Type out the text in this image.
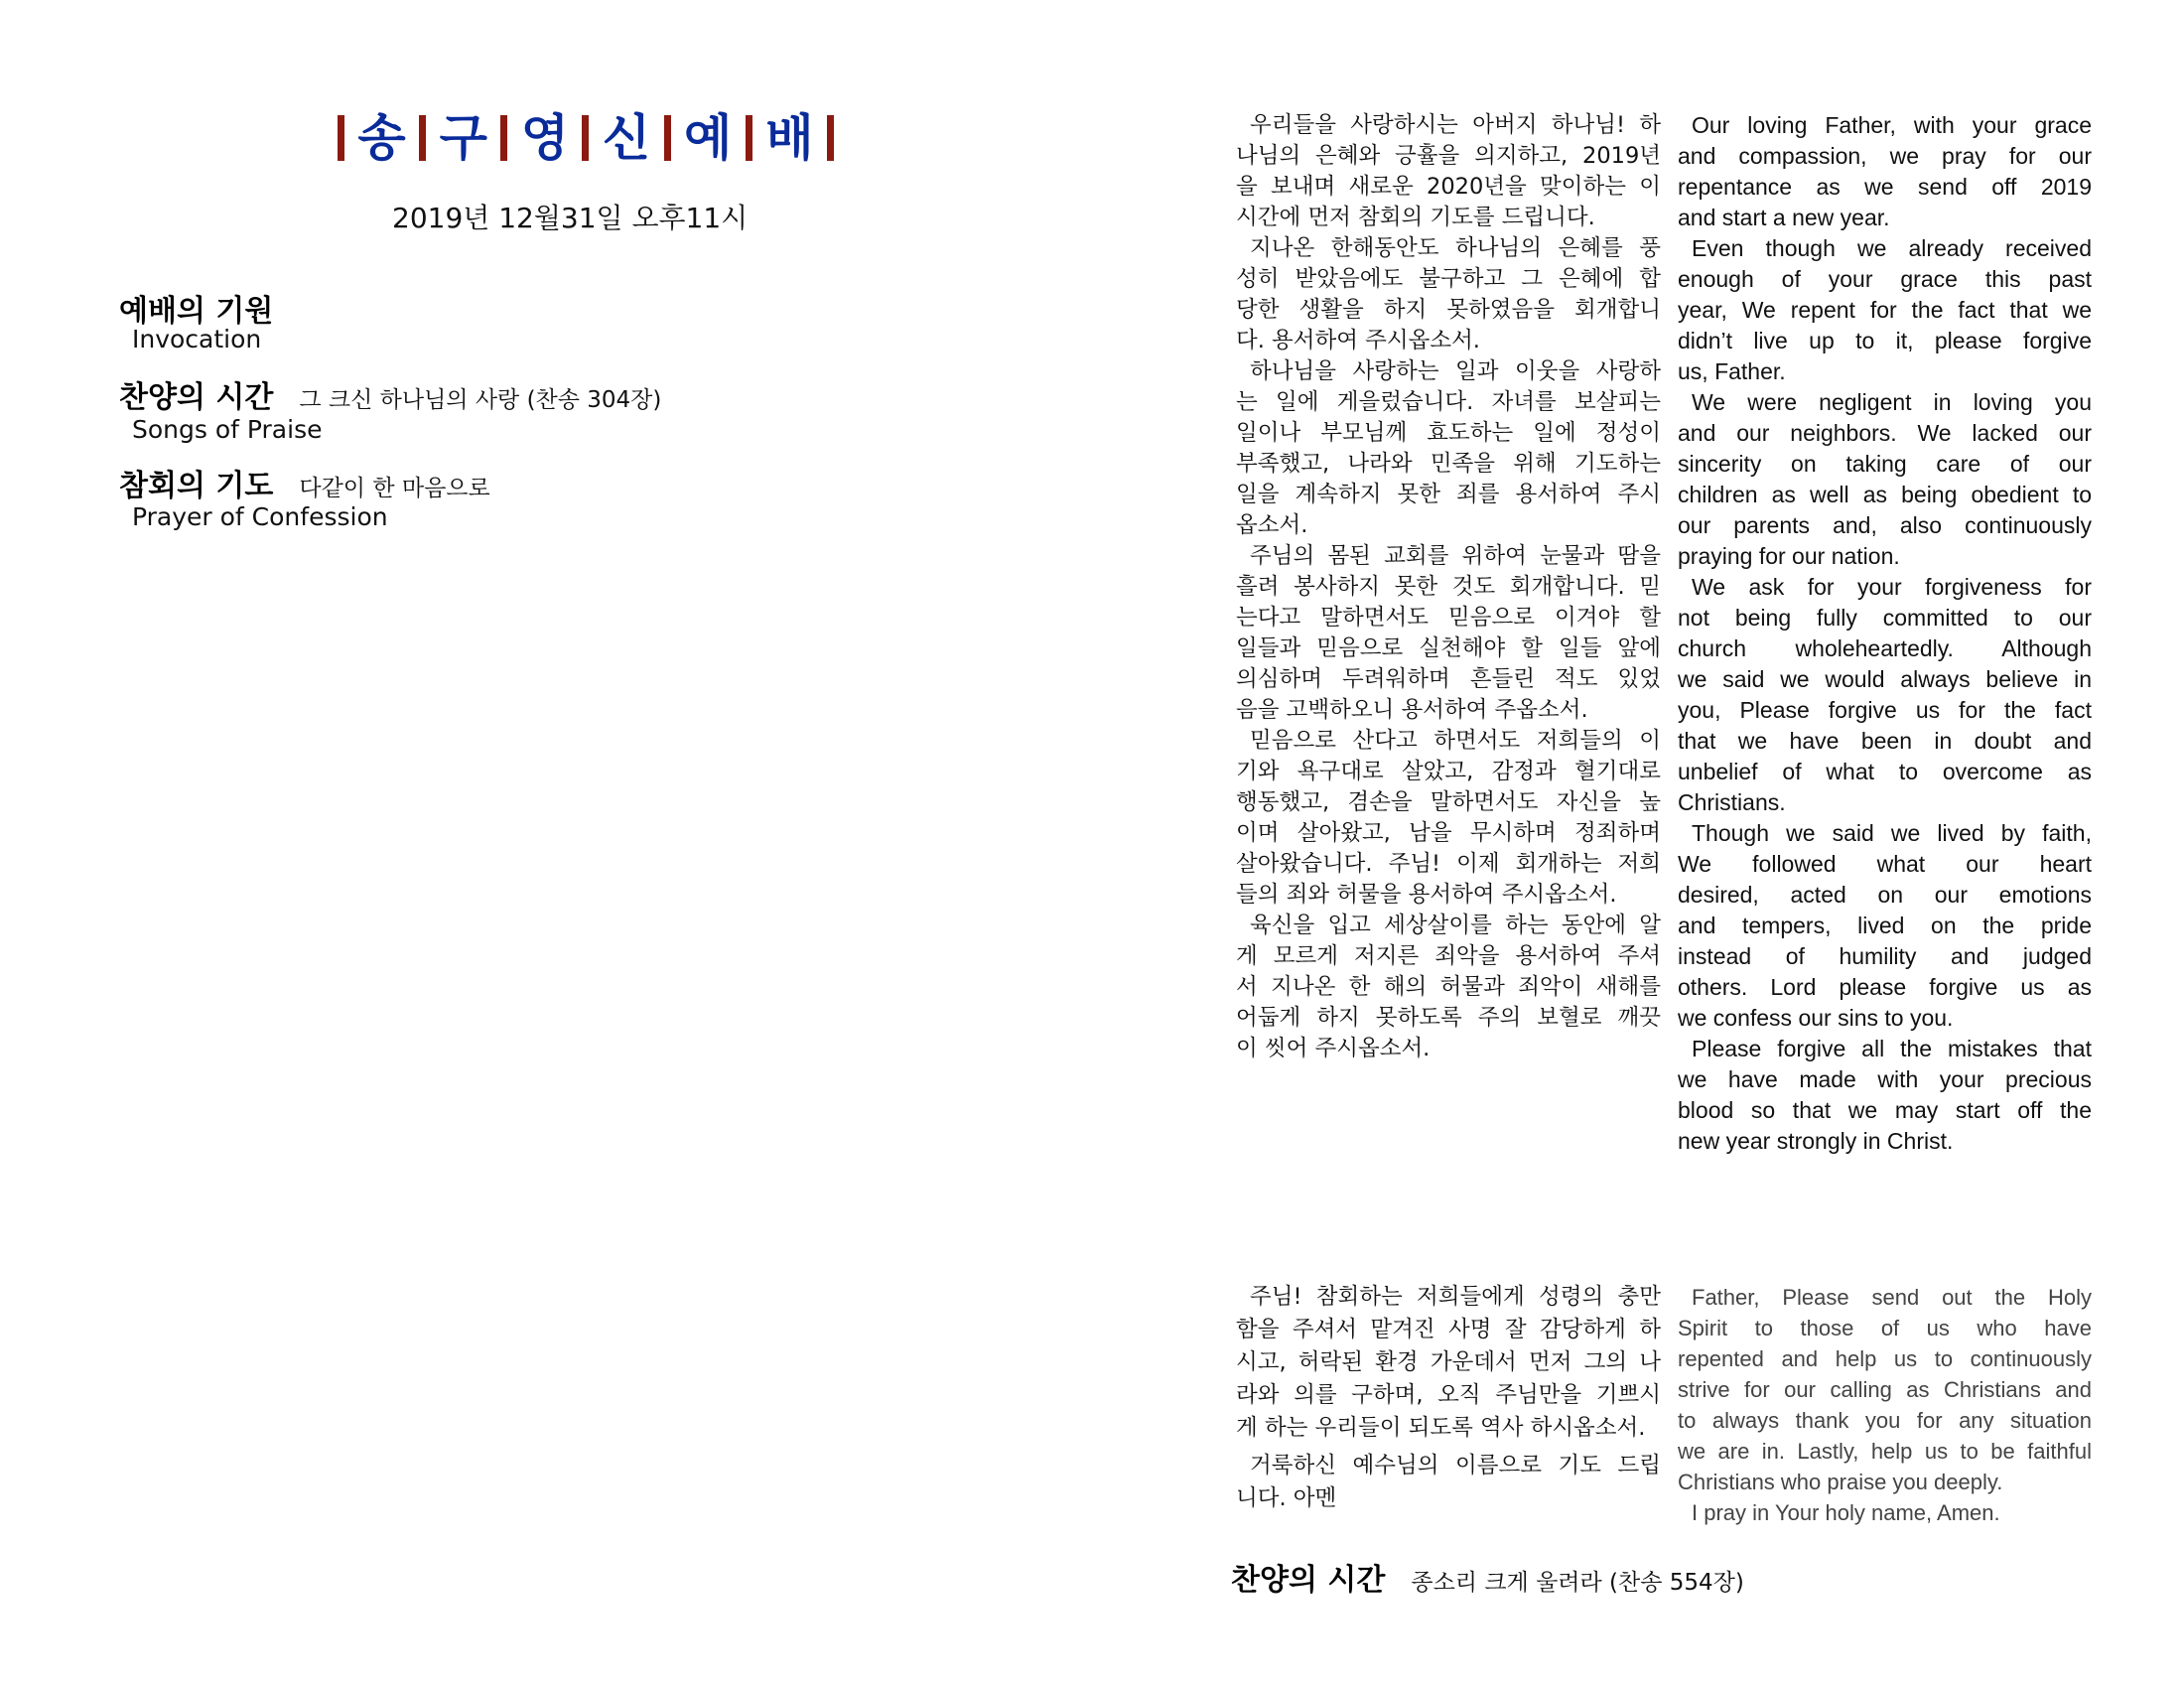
송 구 영 신 예 배
2019년 12월31일 오후11시
예배의 기원
Invocation
찬양의 시간 그 크신 하나님의 사랑 (찬송 304장)
Songs of Praise
참회의 기도 다같이 한 마음으로
Prayer of Confession
우리들을 사랑하시는 아버지 하나님! 하
나님의 은혜와 긍휼을 의지하고, 2019년
을 보내며 새로운 2020년을 맞이하는 이
시간에 먼저 참회의 기도를 드립니다.
지나온 한해동안도 하나님의 은혜를 풍
성히 받았음에도 불구하고 그 은혜에 합
당한 생활을 하지 못하였음을 회개합니
다. 용서하여 주시옵소서.
하나님을 사랑하는 일과 이웃을 사랑하
는 일에 게을렀습니다. 자녀를 보살피는
일이나 부모님께 효도하는 일에 정성이
부족했고, 나라와 민족을 위해 기도하는
일을 계속하지 못한 죄를 용서하여 주시
옵소서.
주님의 몸된 교회를 위하여 눈물과 땀을
흘려 봉사하지 못한 것도 회개합니다. 믿
는다고 말하면서도 믿음으로 이겨야 할
일들과 믿음으로 실천해야 할 일들 앞에
의심하며 두려워하며 흔들린 적도 있었
음을 고백하오니 용서하여 주옵소서.
믿음으로 산다고 하면서도 저희들의 이
기와 욕구대로 살았고, 감정과 혈기대로
행동했고, 겸손을 말하면서도 자신을 높
이며 살아왔고, 남을 무시하며 정죄하며
살아왔습니다. 주님! 이제 회개하는 저희
들의 죄와 허물을 용서하여 주시옵소서.
육신을 입고 세상살이를 하는 동안에 알
게 모르게 저지른 죄악을 용서하여 주셔
서 지나온 한 해의 허물과 죄악이 새해를
어둡게 하지 못하도록 주의 보혈로 깨끗
이 씻어 주시옵소서.
Our loving Father, with your grace
and compassion, we pray for our
repentance as we send off 2019
and start a new year.
Even though we already received
enough of your grace this past
year, We repent for the fact that we
didn’t live up to it, please forgive
us, Father.
We were negligent in loving you
and our neighbors. We lacked our
sincerity on taking care of our
children as well as being obedient to
our parents and, also continuously
praying for our nation.
We ask for your forgiveness for
not being fully committed to our
church wholeheartedly. Although
we said we would always believe in
you, Please forgive us for the fact
that we have been in doubt and
unbelief of what to overcome as
Christians.
Though we said we lived by faith,
We followed what our heart
desired, acted on our emotions
and tempers, lived on the pride
instead of humility and judged
others. Lord please forgive us as
we confess our sins to you.
Please forgive all the mistakes that
we have made with your precious
blood so that we may start off the
new year strongly in Christ.
주님! 참회하는 저희들에게 성령의 충만
함을 주셔서 맡겨진 사명 잘 감당하게 하
시고, 허락된 환경 가운데서 먼저 그의 나
라와 의를 구하며, 오직 주님만을 기쁘시
게 하는 우리들이 되도록 역사 하시옵소서.
거룩하신 예수님의 이름으로 기도 드립
니다. 아멘
Father, Please send out the Holy
Spirit to those of us who have
repented and help us to continuously
strive for our calling as Christians and
to always thank you for any situation
we are in. Lastly, help us to be faithful
Christians who praise you deeply.
I pray in Your holy name, Amen.
찬양의 시간 종소리 크게 울려라 (찬송 554장)
